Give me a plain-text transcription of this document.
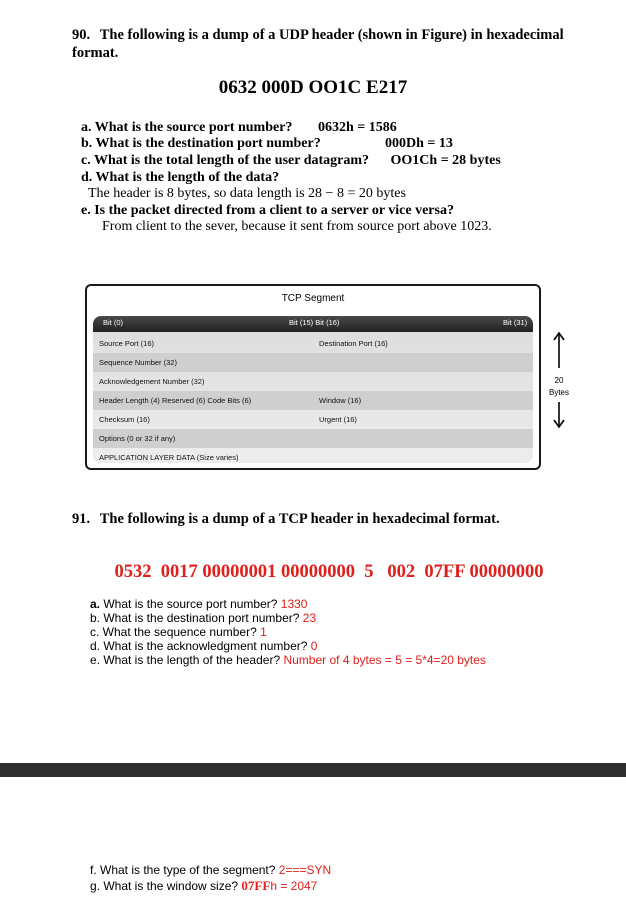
90. The following is a dump of a UDP header (shown in Figure) in hexadecimal format.
0632 000D OO1C E217
a. What is the source port number? 0632h = 1586
b. What is the destination port number?	000Dh = 13
c. What is the total length of the user datagram? OO1Ch = 28 bytes
d. What is the length of the data?
The header is 8 bytes, so data length is 28 − 8 = 20 bytes
e. Is the packet directed from a client to a server or vice versa?
From client to the sever, because it sent from source port above 1023.
TCP Segment
Bit (0)	Bit (15) Bit (16)	Bit (31)
Source Port (16)	Destination Port (16)
Sequence Number (32)
Acknowledgement Number (32)
Header Length (4) Reserved (6) Code Bits (6)	Window (16)
Checksum (16)	Urgent (16)
Options (0 or 32 if any)
APPLICATION LAYER DATA (Size varies)
20
Bytes
91. The following is a dump of a TCP header in hexadecimal format.
0532  0017 00000001 00000000  5   002  07FF 00000000
a. What is the source port number? 1330
b. What is the destination port number? 23
c. What the sequence number? 1
d. What is the acknowledgment number? 0
e. What is the length of the header? Number of 4 bytes = 5 = 5*4=20 bytes
f. What is the type of the segment? 2===SYN
g. What is the window size? 07FFh = 2047
